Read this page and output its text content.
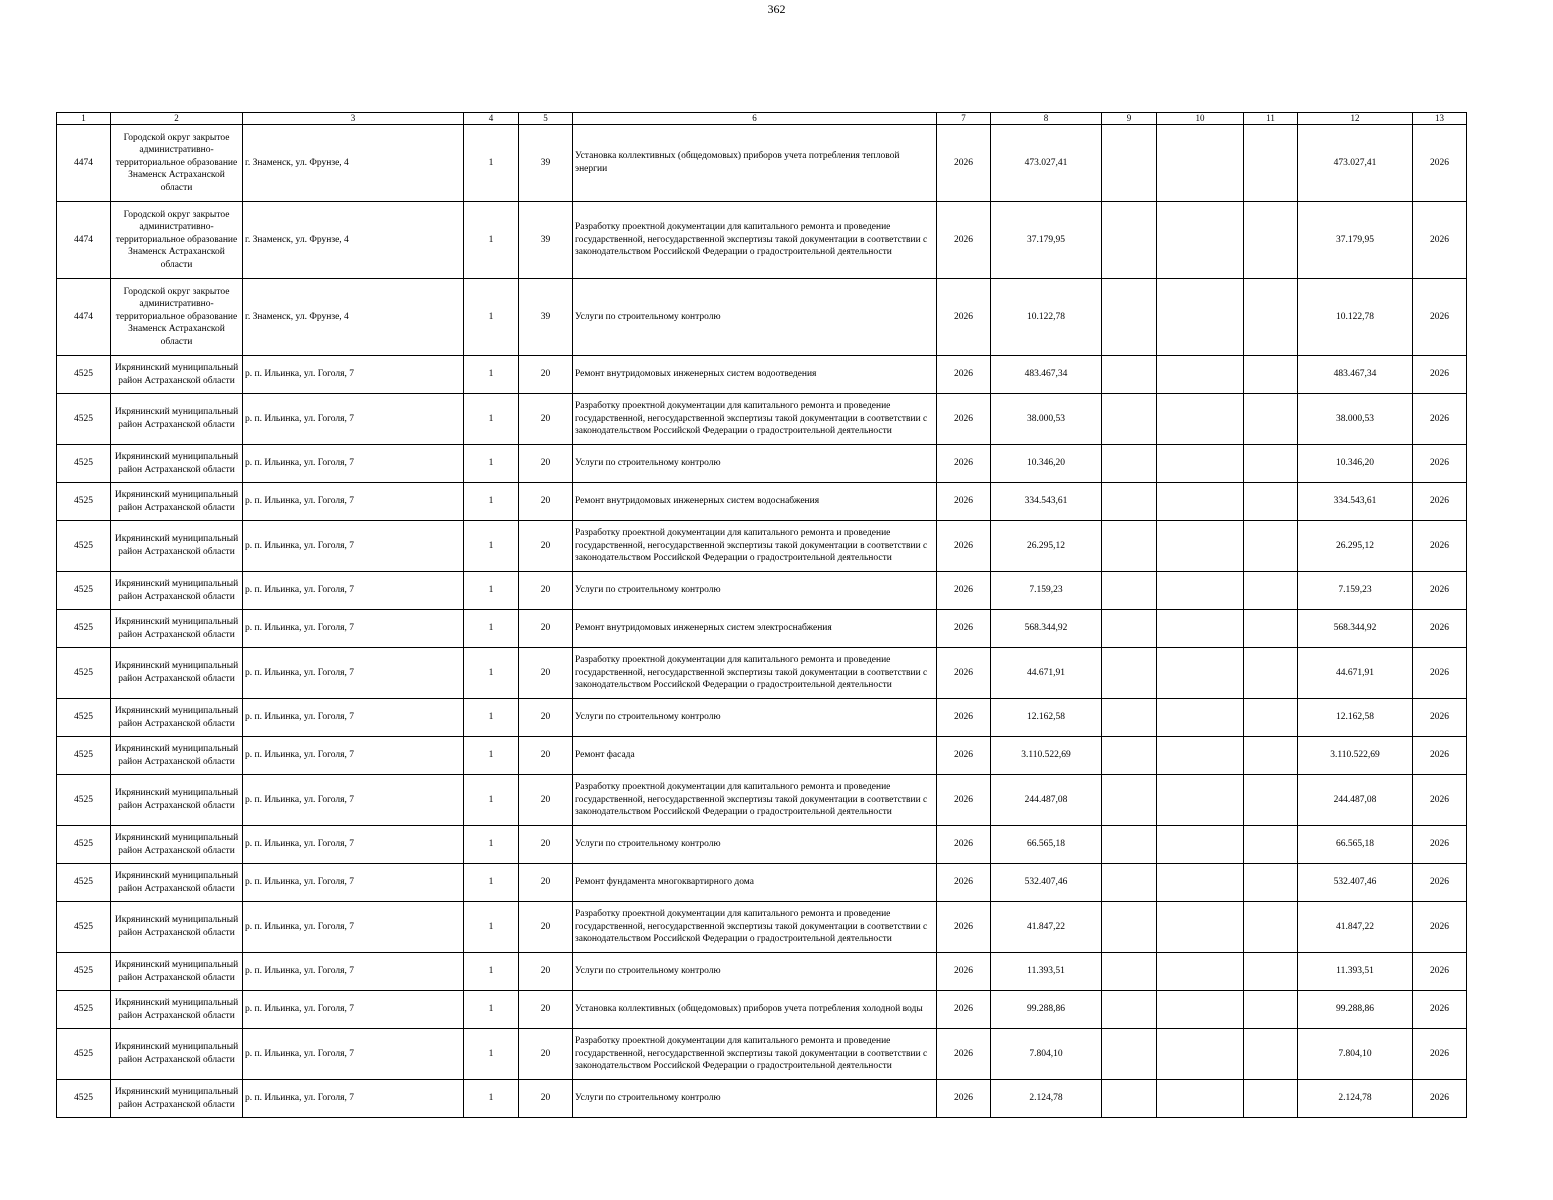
362
1	2	3	4	5	6	7	8	9	10	11	12	13
4474	Городской округ закрытое административно-территориальное образование Знаменск Астраханской области	г. Знаменск, ул. Фрунзе, 4	1	39	Установка коллективных (общедомовых) приборов учета потребления тепловой энергии	2026	473.027,41				473.027,41	2026
4474	Городской округ закрытое административно-территориальное образование Знаменск Астраханской области	г. Знаменск, ул. Фрунзе, 4	1	39	Разработку проектной документации для капитального ремонта и проведение государственной, негосударственной экспертизы такой документации в соответствии с законодательством Российской Федерации о градостроительной деятельности	2026	37.179,95				37.179,95	2026
4474	Городской округ закрытое административно-территориальное образование Знаменск Астраханской области	г. Знаменск, ул. Фрунзе, 4	1	39	Услуги по строительному контролю	2026	10.122,78				10.122,78	2026
4525	Икрянинский муниципальный район Астраханской области	р. п. Ильинка, ул. Гоголя, 7	1	20	Ремонт внутридомовых инженерных систем водоотведения	2026	483.467,34				483.467,34	2026
4525	Икрянинский муниципальный район Астраханской области	р. п. Ильинка, ул. Гоголя, 7	1	20	Разработку проектной документации для капитального ремонта и проведение государственной, негосударственной экспертизы такой документации в соответствии с законодательством Российской Федерации о градостроительной деятельности	2026	38.000,53				38.000,53	2026
4525	Икрянинский муниципальный район Астраханской области	р. п. Ильинка, ул. Гоголя, 7	1	20	Услуги по строительному контролю	2026	10.346,20				10.346,20	2026
4525	Икрянинский муниципальный район Астраханской области	р. п. Ильинка, ул. Гоголя, 7	1	20	Ремонт внутридомовых инженерных систем водоснабжения	2026	334.543,61				334.543,61	2026
4525	Икрянинский муниципальный район Астраханской области	р. п. Ильинка, ул. Гоголя, 7	1	20	Разработку проектной документации для капитального ремонта и проведение государственной, негосударственной экспертизы такой документации в соответствии с законодательством Российской Федерации о градостроительной деятельности	2026	26.295,12				26.295,12	2026
4525	Икрянинский муниципальный район Астраханской области	р. п. Ильинка, ул. Гоголя, 7	1	20	Услуги по строительному контролю	2026	7.159,23				7.159,23	2026
4525	Икрянинский муниципальный район Астраханской области	р. п. Ильинка, ул. Гоголя, 7	1	20	Ремонт внутридомовых инженерных систем электроснабжения	2026	568.344,92				568.344,92	2026
4525	Икрянинский муниципальный район Астраханской области	р. п. Ильинка, ул. Гоголя, 7	1	20	Разработку проектной документации для капитального ремонта и проведение государственной, негосударственной экспертизы такой документации в соответствии с законодательством Российской Федерации о градостроительной деятельности	2026	44.671,91				44.671,91	2026
4525	Икрянинский муниципальный район Астраханской области	р. п. Ильинка, ул. Гоголя, 7	1	20	Услуги по строительному контролю	2026	12.162,58				12.162,58	2026
4525	Икрянинский муниципальный район Астраханской области	р. п. Ильинка, ул. Гоголя, 7	1	20	Ремонт фасада	2026	3.110.522,69				3.110.522,69	2026
4525	Икрянинский муниципальный район Астраханской области	р. п. Ильинка, ул. Гоголя, 7	1	20	Разработку проектной документации для капитального ремонта и проведение государственной, негосударственной экспертизы такой документации в соответствии с законодательством Российской Федерации о градостроительной деятельности	2026	244.487,08				244.487,08	2026
4525	Икрянинский муниципальный район Астраханской области	р. п. Ильинка, ул. Гоголя, 7	1	20	Услуги по строительному контролю	2026	66.565,18				66.565,18	2026
4525	Икрянинский муниципальный район Астраханской области	р. п. Ильинка, ул. Гоголя, 7	1	20	Ремонт фундамента многоквартирного дома	2026	532.407,46				532.407,46	2026
4525	Икрянинский муниципальный район Астраханской области	р. п. Ильинка, ул. Гоголя, 7	1	20	Разработку проектной документации для капитального ремонта и проведение государственной, негосударственной экспертизы такой документации в соответствии с законодательством Российской Федерации о градостроительной деятельности	2026	41.847,22				41.847,22	2026
4525	Икрянинский муниципальный район Астраханской области	р. п. Ильинка, ул. Гоголя, 7	1	20	Услуги по строительному контролю	2026	11.393,51				11.393,51	2026
4525	Икрянинский муниципальный район Астраханской области	р. п. Ильинка, ул. Гоголя, 7	1	20	Установка коллективных (общедомовых) приборов учета потребления холодной воды	2026	99.288,86				99.288,86	2026
4525	Икрянинский муниципальный район Астраханской области	р. п. Ильинка, ул. Гоголя, 7	1	20	Разработку проектной документации для капитального ремонта и проведение государственной, негосударственной экспертизы такой документации в соответствии с законодательством Российской Федерации о градостроительной деятельности	2026	7.804,10				7.804,10	2026
4525	Икрянинский муниципальный район Астраханской области	р. п. Ильинка, ул. Гоголя, 7	1	20	Услуги по строительному контролю	2026	2.124,78				2.124,78	2026
